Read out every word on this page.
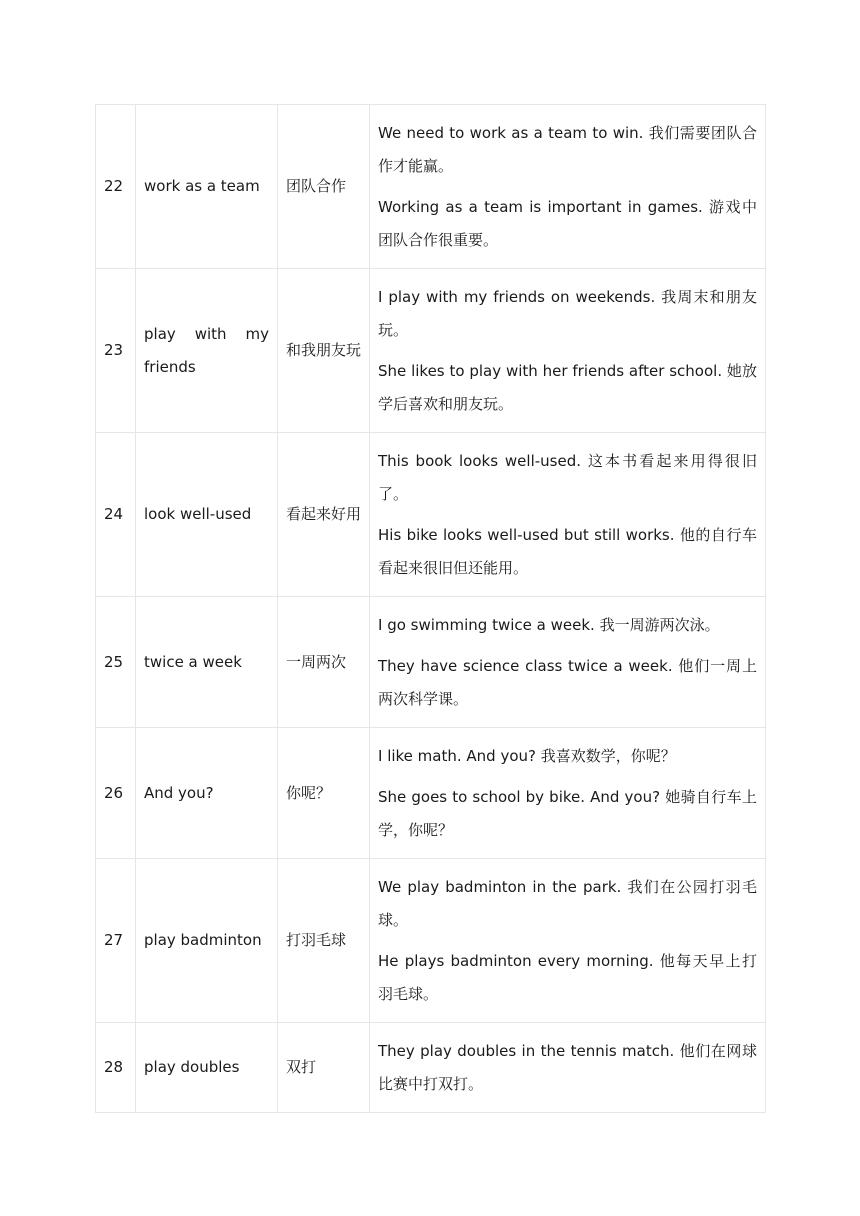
22	work as a team	团队合作	We need to work as a team to win. 我们需要团队合作才能赢。

Working as a team is important in games. 游戏中团队合作很重要。

23	play with my friends	和我朋友玩	I play with my friends on weekends. 我周末和朋友玩。

She likes to play with her friends after school. 她放学后喜欢和朋友玩。

24	look well-used	看起来好用	This book looks well-used. 这本书看起来用得很旧了。

His bike looks well-used but still works. 他的自行车看起来很旧但还能用。

25	twice a week	一周两次	I go swimming twice a week. 我一周游两次泳。

They have science class twice a week. 他们一周上两次科学课。

26	And you?	你呢？	I like math. And you? 我喜欢数学，你呢？

She goes to school by bike. And you? 她骑自行车上学，你呢？

27	play badminton	打羽毛球	We play badminton in the park. 我们在公园打羽毛球。

He plays badminton every morning. 他每天早上打羽毛球。

28	play doubles	双打	They play doubles in the tennis match. 他们在网球比赛中打双打。
